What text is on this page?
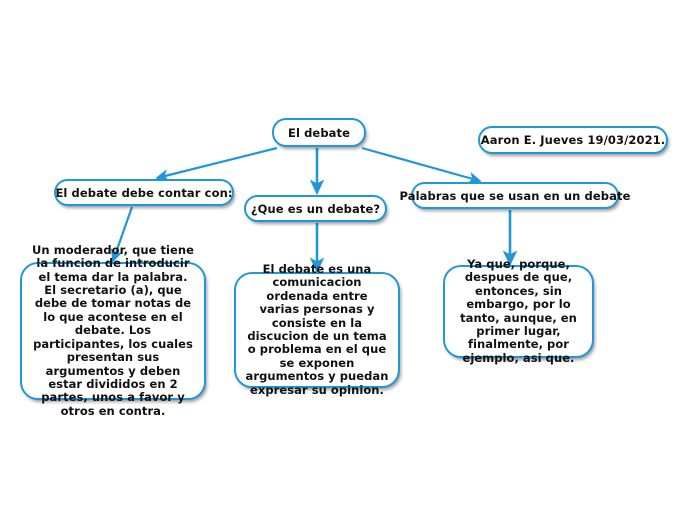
El debate
Aaron E. Jueves 19/03/2021.
El debate debe contar con:
¿Que es un debate?
Palabras que se usan en un debate
Un moderador, que tiene la funcion de introducir el tema dar la palabra. El secretario (a), que debe de tomar notas de lo que acontese en el debate. Los participantes, los cuales presentan sus argumentos y deben estar divididos en 2 partes, unos a favor y otros en contra.
El debate es una comunicacion ordenada entre varias personas y consiste en la discucion de un tema o problema en el que se exponen argumentos y puedan expresar su opinion.
Ya que, porque, despues de que, entonces, sin embargo, por lo tanto, aunque, en primer lugar, finalmente, por ejemplo, asi que.
